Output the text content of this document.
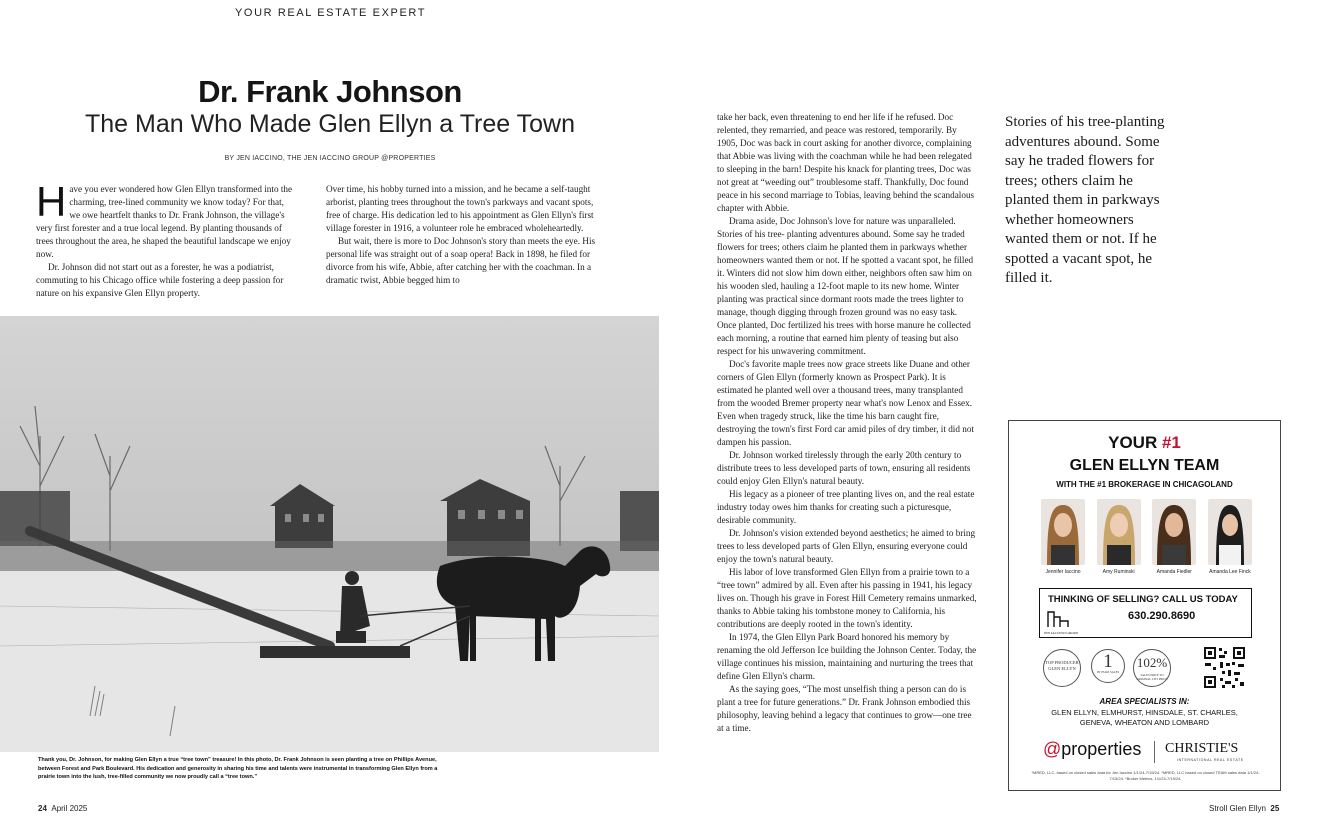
YOUR REAL ESTATE EXPERT
Dr. Frank Johnson
The Man Who Made Glen Ellyn a Tree Town
BY JEN IACCINO, THE JEN IACCINO GROUP @PROPERTIES
H ave you ever wondered how Glen Ellyn transformed into the charming, tree-lined community we know today? For that, we owe heartfelt thanks to Dr. Frank Johnson, the village's very first forester and a true local legend. By planting thousands of trees throughout the area, he shaped the beautiful landscape we enjoy now.

Dr. Johnson did not start out as a forester, he was a podiatrist, commuting to his Chicago office while fostering a deep passion for nature on his expansive Glen Ellyn property.

Over time, his hobby turned into a mission, and he became a self-taught arborist, planting trees throughout the town's parkways and vacant spots, free of charge. His dedication led to his appointment as Glen Ellyn's first village forester in 1916, a volunteer role he embraced wholeheartedly.

But wait, there is more to Doc Johnson's story than meets the eye. His personal life was straight out of a soap opera! Back in 1898, he filed for divorce from his wife, Abbie, after catching her with the coachman. In a dramatic twist, Abbie begged him to

Thank you, Dr. Johnson, for making Glen Ellyn a true “tree town” treasure! In this photo, Dr. Frank Johnson is seen planting a tree on Phillips Avenue, between Forest and Park Boulevard. His dedication and generosity in sharing his time and talents were instrumental in transforming Glen Ellyn from a prairie town into the lush, tree-filled community we now proudly call a “tree town.”

take her back, even threatening to end her life if he refused. Doc relented, they remarried, and peace was restored, temporarily. By 1905, Doc was back in court asking for another divorce, complaining that Abbie was living with the coachman while he had been relegated to sleeping in the barn! Despite his knack for planting trees, Doc was not great at “weeding out” troublesome staff. Thankfully, Doc found peace in his second marriage to Tobias, leaving behind the scandalous chapter with Abbie.

Drama aside, Doc Johnson's love for nature was unparalleled. Stories of his tree- planting adventures abound. Some say he traded flowers for trees; others claim he planted them in parkways whether homeowners wanted them or not. If he spotted a vacant spot, he filled it. Winters did not slow him down either, neighbors often saw him on his wooden sled, hauling a 12-foot maple to its new home. Winter planting was practical since dormant roots made the trees lighter to manage, though digging through frozen ground was no easy task. Once planted, Doc fertilized his trees with horse manure he collected each morning, a routine that earned him plenty of teasing but also respect for his unwavering commitment.

Doc's favorite maple trees now grace streets like Duane and other corners of Glen Ellyn (formerly known as Prospect Park). It is estimated he planted well over a thousand trees, many transplanted from the wooded Bremer property near what's now Lenox and Essex. Even when tragedy struck, like the time his barn caught fire, destroying the town's first Ford car amid piles of dry timber, it did not dampen his passion.

Dr. Johnson worked tirelessly through the early 20th century to distribute trees to less developed parts of town, ensuring all residents could enjoy Glen Ellyn's natural beauty.

His legacy as a pioneer of tree planting lives on, and the real estate industry today owes him thanks for creating such a picturesque, desirable community.

Dr. Johnson's vision extended beyond aesthetics; he aimed to bring trees to less developed parts of Glen Ellyn, ensuring everyone could enjoy the town's natural beauty.

His labor of love transformed Glen Ellyn from a prairie town to a “tree town” admired by all. Even after his passing in 1941, his legacy lives on. Though his grave in Forest Hill Cemetery remains unmarked, thanks to Abbie taking his tombstone money to California, his contributions are deeply rooted in the town's identity.

In 1974, the Glen Ellyn Park Board honored his memory by renaming the old Jefferson Ice building the Johnson Center. Today, the village continues his mission, maintaining and nurturing the trees that define Glen Ellyn's charm.

As the saying goes, “The most unselfish thing a person can do is plant a tree for future generations.” Dr. Frank Johnson embodied this philosophy, leaving behind a legacy that continues to grow—one tree at a time.

Stories of his tree-planting adventures abound. Some say he traded flowers for trees; others claim he planted them in parkways whether homeowners wanted them or not. If he spotted a vacant spot, he filled it.
YOUR #1
GLEN ELLYN TEAM
WITH THE #1 BROKERAGE IN CHICAGOLAND
Jennifer Iaccino	Amy Ruminski	Amanda Fiedler	Amanda Lee Finck
THINKING OF SELLING? CALL US TODAY
JEN IACCINO GROUP
630.290.8690
TOP PRODUCER GLEN ELLYN	1
IN TEAM SALES
102%
SALES PRICE TO ORIGINAL LIST PRICE
AREA SPECIALISTS IN:
GLEN ELLYN, ELMHURST, HINSDALE, ST. CHARLES,
GENEVA, WHEATON AND LOMBARD
@properties CHRISTIE'S
INTERNATIONAL REAL ESTATE
*MRED, LLC, based on closed sales data for Jen Iaccino 1/1/24-7/15/24. *MRED, LLC based on closed TEAM sales data 1/1/24-7/15/24. *Broker Metrics, 1/1/24-7/15/24.
24 April 2025	Stroll Glen Ellyn 25
